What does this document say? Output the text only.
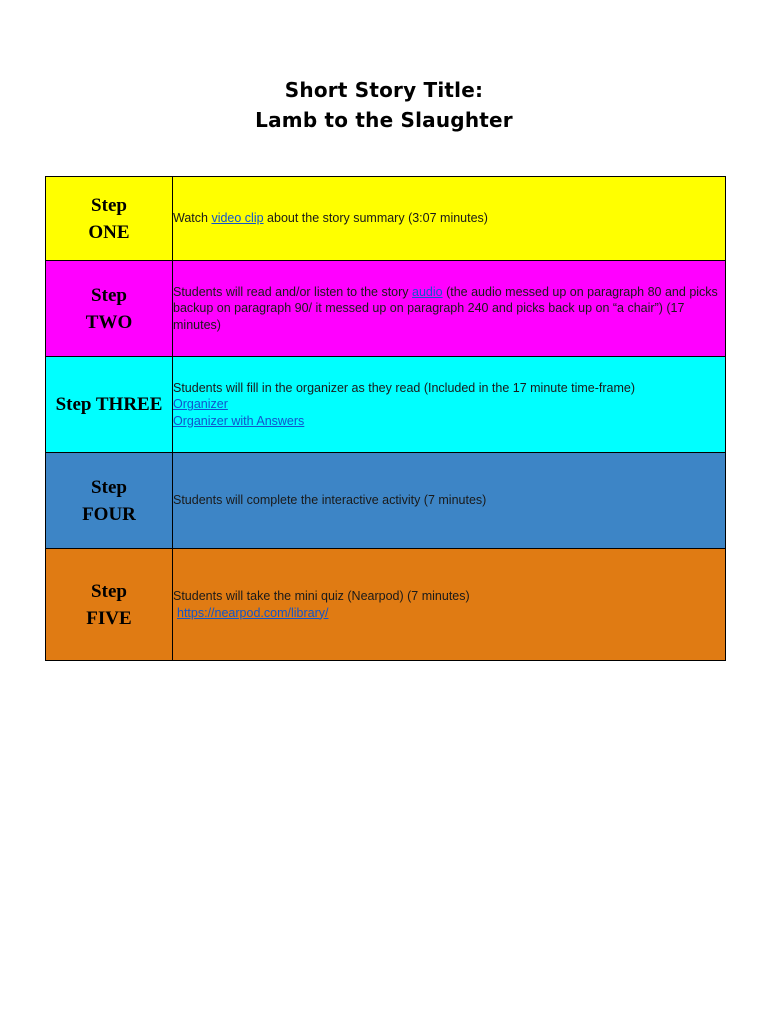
Short Story Title:
Lamb to the Slaughter
Step
ONE	Watch video clip about the story summary (3:07 minutes)

Step
TWO	Students will read and/or listen to the story audio (the audio messed up on paragraph 80 and picks backup on paragraph 90/ it messed up on paragraph 240 and picks back up on “a chair”) (17 minutes)
Step THREE	Students will fill in the organizer as they read (Included in the 17 minute time-frame)
Organizer
Organizer with Answers

Step
FOUR	Students will complete the interactive activity (7 minutes)

Step
FIVE	Students will take the mini quiz (Nearpod) (7 minutes)
https://nearpod.com/library/
